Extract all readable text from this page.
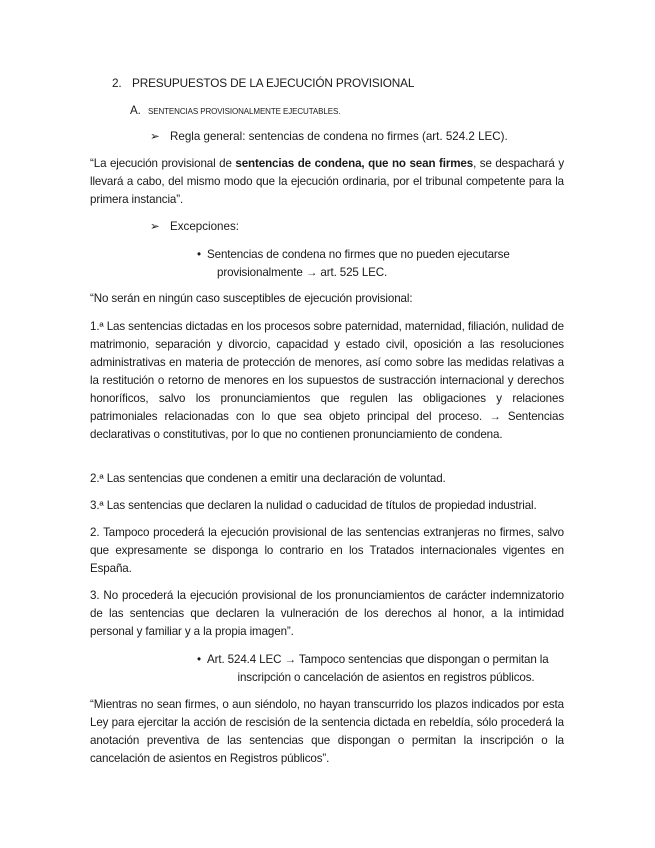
2. PRESUPUESTOS DE LA EJECUCIÓN PROVISIONAL
A. SENTENCIAS PROVISIONALMENTE EJECUTABLES.
➢ Regla general: sentencias de condena no firmes (art. 524.2 LEC).
“La ejecución provisional de sentencias de condena, que no sean firmes, se despachará y llevará a cabo, del mismo modo que la ejecución ordinaria, por el tribunal competente para la primera instancia”.
➢ Excepciones:
• Sentencias de condena no firmes que no pueden ejecutarse
provisionalmente → art. 525 LEC.
“No serán en ningún caso susceptibles de ejecución provisional:
1.ª Las sentencias dictadas en los procesos sobre paternidad, maternidad, filiación, nulidad de matrimonio, separación y divorcio, capacidad y estado civil, oposición a las resoluciones administrativas en materia de protección de menores, así como sobre las medidas relativas a la restitución o retorno de menores en los supuestos de sustracción internacional y derechos honoríficos, salvo los pronunciamientos que regulen las obligaciones y relaciones patrimoniales relacionadas con lo que sea objeto principal del proceso. → Sentencias declarativas o constitutivas, por lo que no contienen pronunciamiento de condena.
2.ª Las sentencias que condenen a emitir una declaración de voluntad.
3.ª Las sentencias que declaren la nulidad o caducidad de títulos de propiedad industrial.
2. Tampoco procederá la ejecución provisional de las sentencias extranjeras no firmes, salvo que expresamente se disponga lo contrario en los Tratados internacionales vigentes en España.
3. No procederá la ejecución provisional de los pronunciamientos de carácter indemnizatorio de las sentencias que declaren la vulneración de los derechos al honor, a la intimidad personal y familiar y a la propia imagen”.
• Art. 524.4 LEC → Tampoco sentencias que dispongan o permitan la
inscripción o cancelación de asientos en registros públicos.
“Mientras no sean firmes, o aun siéndolo, no hayan transcurrido los plazos indicados por esta Ley para ejercitar la acción de rescisión de la sentencia dictada en rebeldía, sólo procederá la anotación preventiva de las sentencias que dispongan o permitan la inscripción o la cancelación de asientos en Registros públicos”.
